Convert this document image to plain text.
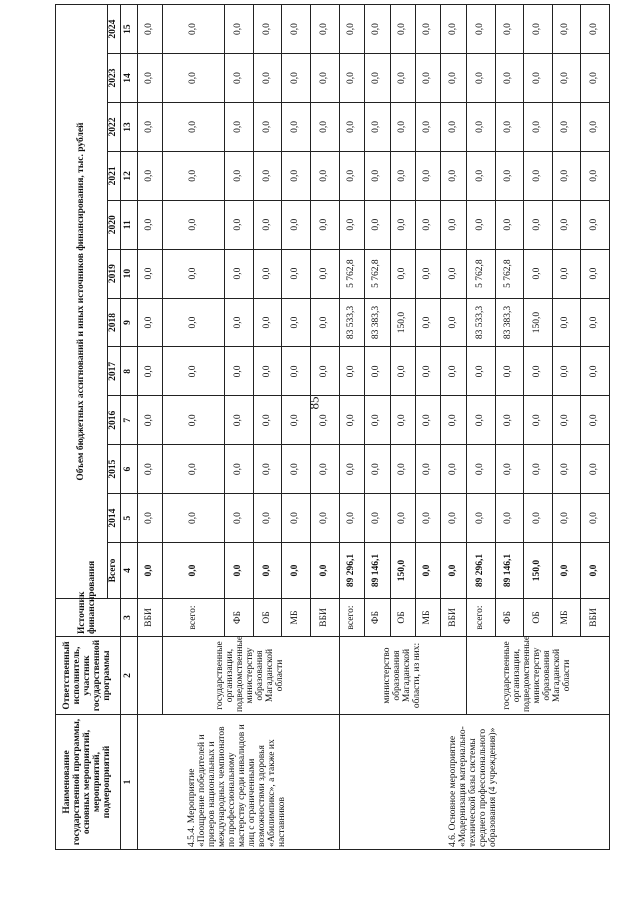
85
Наименование государственной программы, основных мероприятий, мероприятий, подмероприятий	Ответственный исполнитель, участник государственной программы	Источник финансирования	Объем бюджетных ассигнований и иных источников финансирования, тыс. рублей											
			Всего	2014	2015	2016	2017	2018	2019	2020	2021	2022	2023	2024
1	2	3	4	5	6	7	8	9	10	11	12	13	14	15
4.5.4. Мероприятие «Поощрение победителей и призеров национальных и международных чемпионатов по профессиональному мастерству среди инвалидов и лиц с ограниченными возможностями здоровья «Абилимпикс», а также их наставников		ВБИ	0,0	0,0	0,0	0,0	0,0	0,0	0,0	0,0	0,0	0,0	0,0	0,0
	государственные организации, подведомственные министерству образования Магаданской области	всего:	0,0	0,0	0,0	0,0	0,0	0,0	0,0	0,0	0,0	0,0	0,0	0,0
		ФБ	0,0	0,0	0,0	0,0	0,0	0,0	0,0	0,0	0,0	0,0	0,0	0,0
		ОБ	0,0	0,0	0,0	0,0	0,0	0,0	0,0	0,0	0,0	0,0	0,0	0,0
		МБ	0,0	0,0	0,0	0,0	0,0	0,0	0,0	0,0	0,0	0,0	0,0	0,0
		ВБИ	0,0	0,0	0,0	0,0	0,0	0,0	0,0	0,0	0,0	0,0	0,0	0,0
4.6. Основное мероприятие «Модернизация материально-технической базы системы среднего профессионального образования (4 учреждения)»	министерство образования Магаданской области, из них:	всего:	89 296,1	0,0	0,0	0,0	0,0	83 533,3	5 762,8	0,0	0,0	0,0	0,0	0,0
		ФБ	89 146,1	0,0	0,0	0,0	0,0	83 383,3	5 762,8	0,0	0,0	0,0	0,0	0,0
		ОБ	150,0	0,0	0,0	0,0	0,0	150,0	0,0	0,0	0,0	0,0	0,0	0,0
		МБ	0,0	0,0	0,0	0,0	0,0	0,0	0,0	0,0	0,0	0,0	0,0	0,0
		ВБИ	0,0	0,0	0,0	0,0	0,0	0,0	0,0	0,0	0,0	0,0	0,0	0,0
	государственные организации, подведомственные министерству образования Магаданской области	всего:	89 296,1	0,0	0,0	0,0	0,0	83 533,3	5 762,8	0,0	0,0	0,0	0,0	0,0
		ФБ	89 146,1	0,0	0,0	0,0	0,0	83 383,3	5 762,8	0,0	0,0	0,0	0,0	0,0
		ОБ	150,0	0,0	0,0	0,0	0,0	150,0	0,0	0,0	0,0	0,0	0,0	0,0
		МБ	0,0	0,0	0,0	0,0	0,0	0,0	0,0	0,0	0,0	0,0	0,0	0,0
		ВБИ	0,0	0,0	0,0	0,0	0,0	0,0	0,0	0,0	0,0	0,0	0,0	0,0
